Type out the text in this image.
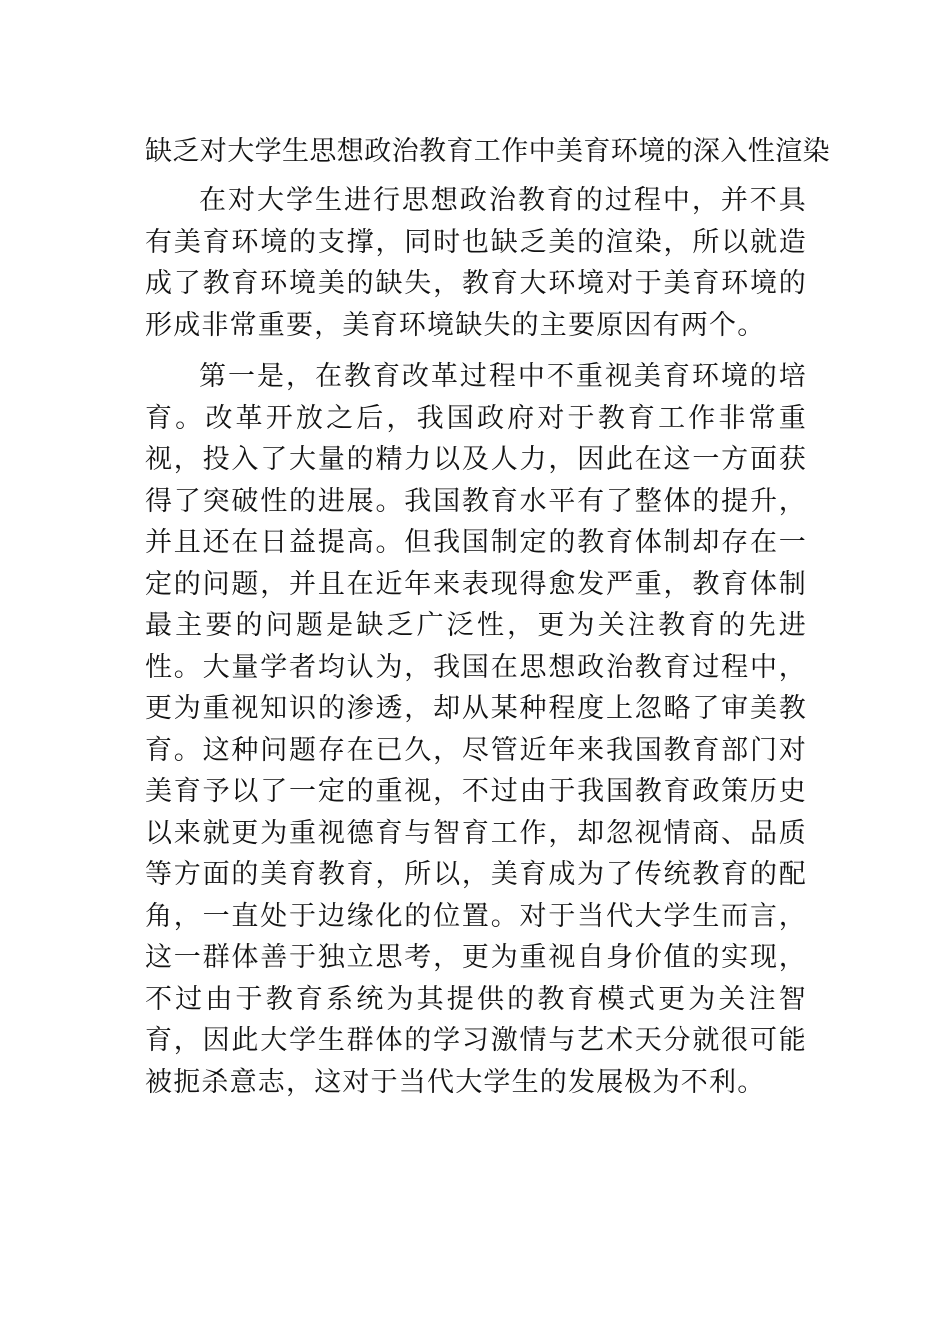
缺乏对大学生思想政治教育工作中美育环境的深入性渲染

在对大学生进行思想政治教育的过程中，并不具有美育环境的支撑，同时也缺乏美的渲染，所以就造成了教育环境美的缺失，教育大环境对于美育环境的形成非常重要，美育环境缺失的主要原因有两个。

第一是，在教育改革过程中不重视美育环境的培育。改革开放之后，我国政府对于教育工作非常重视，投入了大量的精力以及人力，因此在这一方面获得了突破性的进展。我国教育水平有了整体的提升，并且还在日益提高。但我国制定的教育体制却存在一定的问题，并且在近年来表现得愈发严重，教育体制最主要的问题是缺乏广泛性，更为关注教育的先进性。大量学者均认为，我国在思想政治教育过程中，更为重视知识的渗透，却从某种程度上忽略了审美教育。这种问题存在已久，尽管近年来我国教育部门对美育予以了一定的重视，不过由于我国教育政策历史以来就更为重视德育与智育工作，却忽视情商、品质等方面的美育教育，所以，美育成为了传统教育的配角，一直处于边缘化的位置。对于当代大学生而言，这一群体善于独立思考，更为重视自身价值的实现，不过由于教育系统为其提供的教育模式更为关注智育，因此大学生群体的学习激情与艺术天分就很可能被扼杀意志，这对于当代大学生的发展极为不利。
